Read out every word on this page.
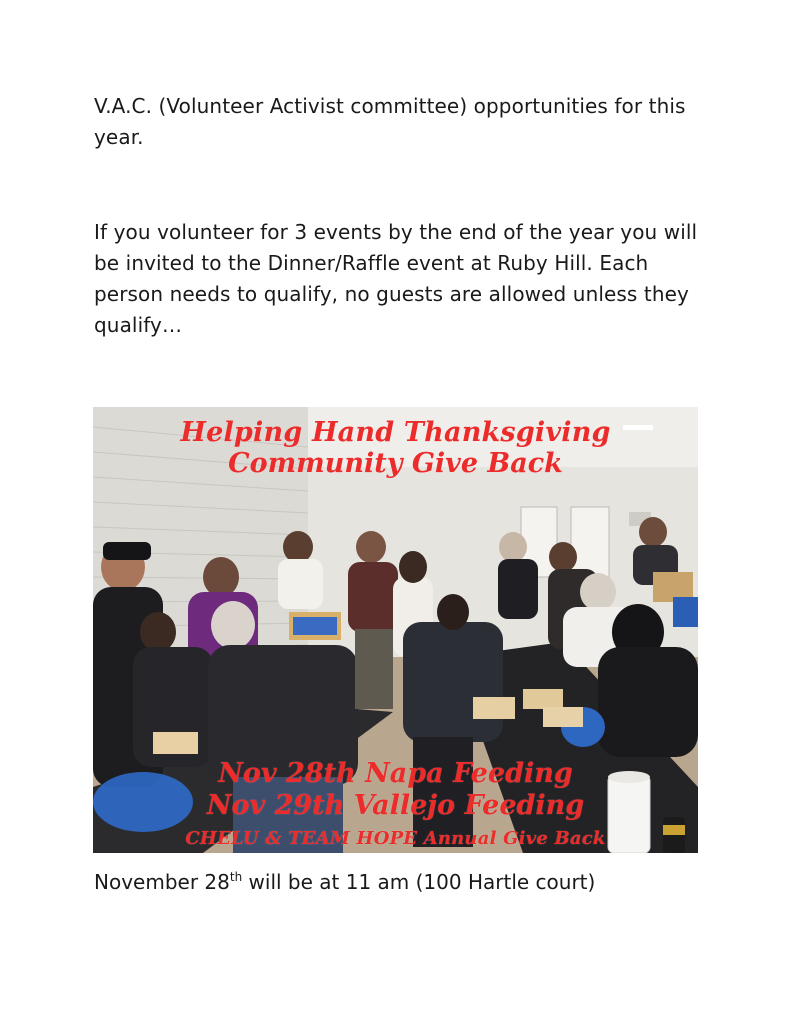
V.A.C. (Volunteer Activist committee) opportunities for this year.

If you volunteer for 3 events by the end of the year you will be invited to the Dinner/Raffle event at Ruby Hill. Each person needs to qualify, no guests are allowed unless they qualify…

Helping Hand Thanksgiving
Community Give Back
Nov 28th Napa Feeding
Nov 29th Vallejo Feeding
CHELU & TEAM HOPE Annual Give Back

November 28th will be at 11 am (100 Hartle court)
